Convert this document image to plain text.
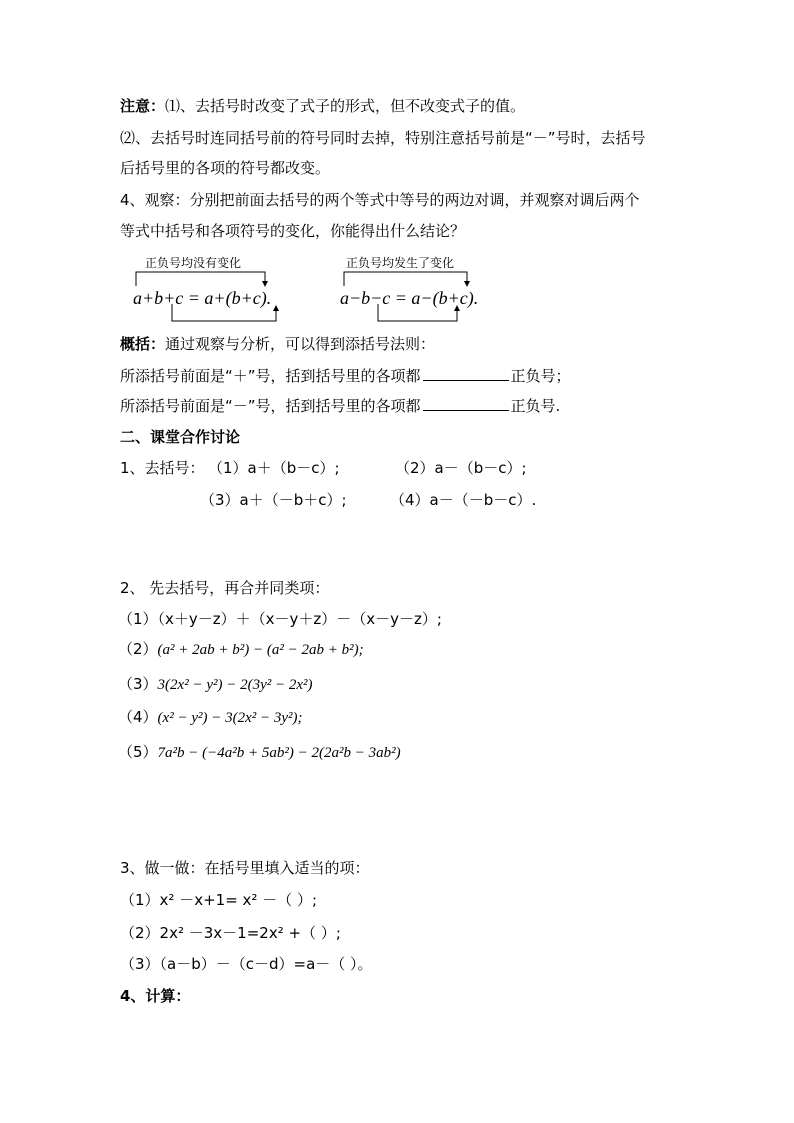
注意：⑴、去括号时改变了式子的形式，但不改变式子的值。
⑵、去括号时连同括号前的符号同时去掉，特别注意括号前是“－”号时，去括号
后括号里的各项的符号都改变。
4、观察：分别把前面去括号的两个等式中等号的两边对调，并观察对调后两个
等式中括号和各项符号的变化，你能得出什么结论？
正负号均没有变化	正负号均发生了变化
a+b+c = a+(b+c).	a−b−c = a−(b+c).
概括：通过观察与分析，可以得到添括号法则：
所添括号前面是“＋”号，括到括号里的各项都	正负号；
所添括号前面是“－”号，括到括号里的各项都	正负号.
二、课堂合作讨论
1、去括号： （1）a＋（b－c）;	（2）a－（b－c）;
（3）a＋（－b＋c）;	（4）a－（－b－c）.
2、 先去括号，再合并同类项：
（1）（x＋y－z）＋（x－y＋z）－（x－y－z）;
（2）(a² + 2ab + b²) − (a² − 2ab + b²);
（3）3(2x² − y²) − 2(3y² − 2x²)
（4）(x² − y²) − 3(2x² − 3y²);
（5）7a²b − (−4a²b + 5ab²) − 2(2a²b − 3ab²)
3、做一做：在括号里填入适当的项：
（1）x² －x+1= x² －（ ）;
（2）2x² －3x－1=2x² +（ ）;
（3）（a－b）－（c－d）=a－（ ）。
4、计算：
